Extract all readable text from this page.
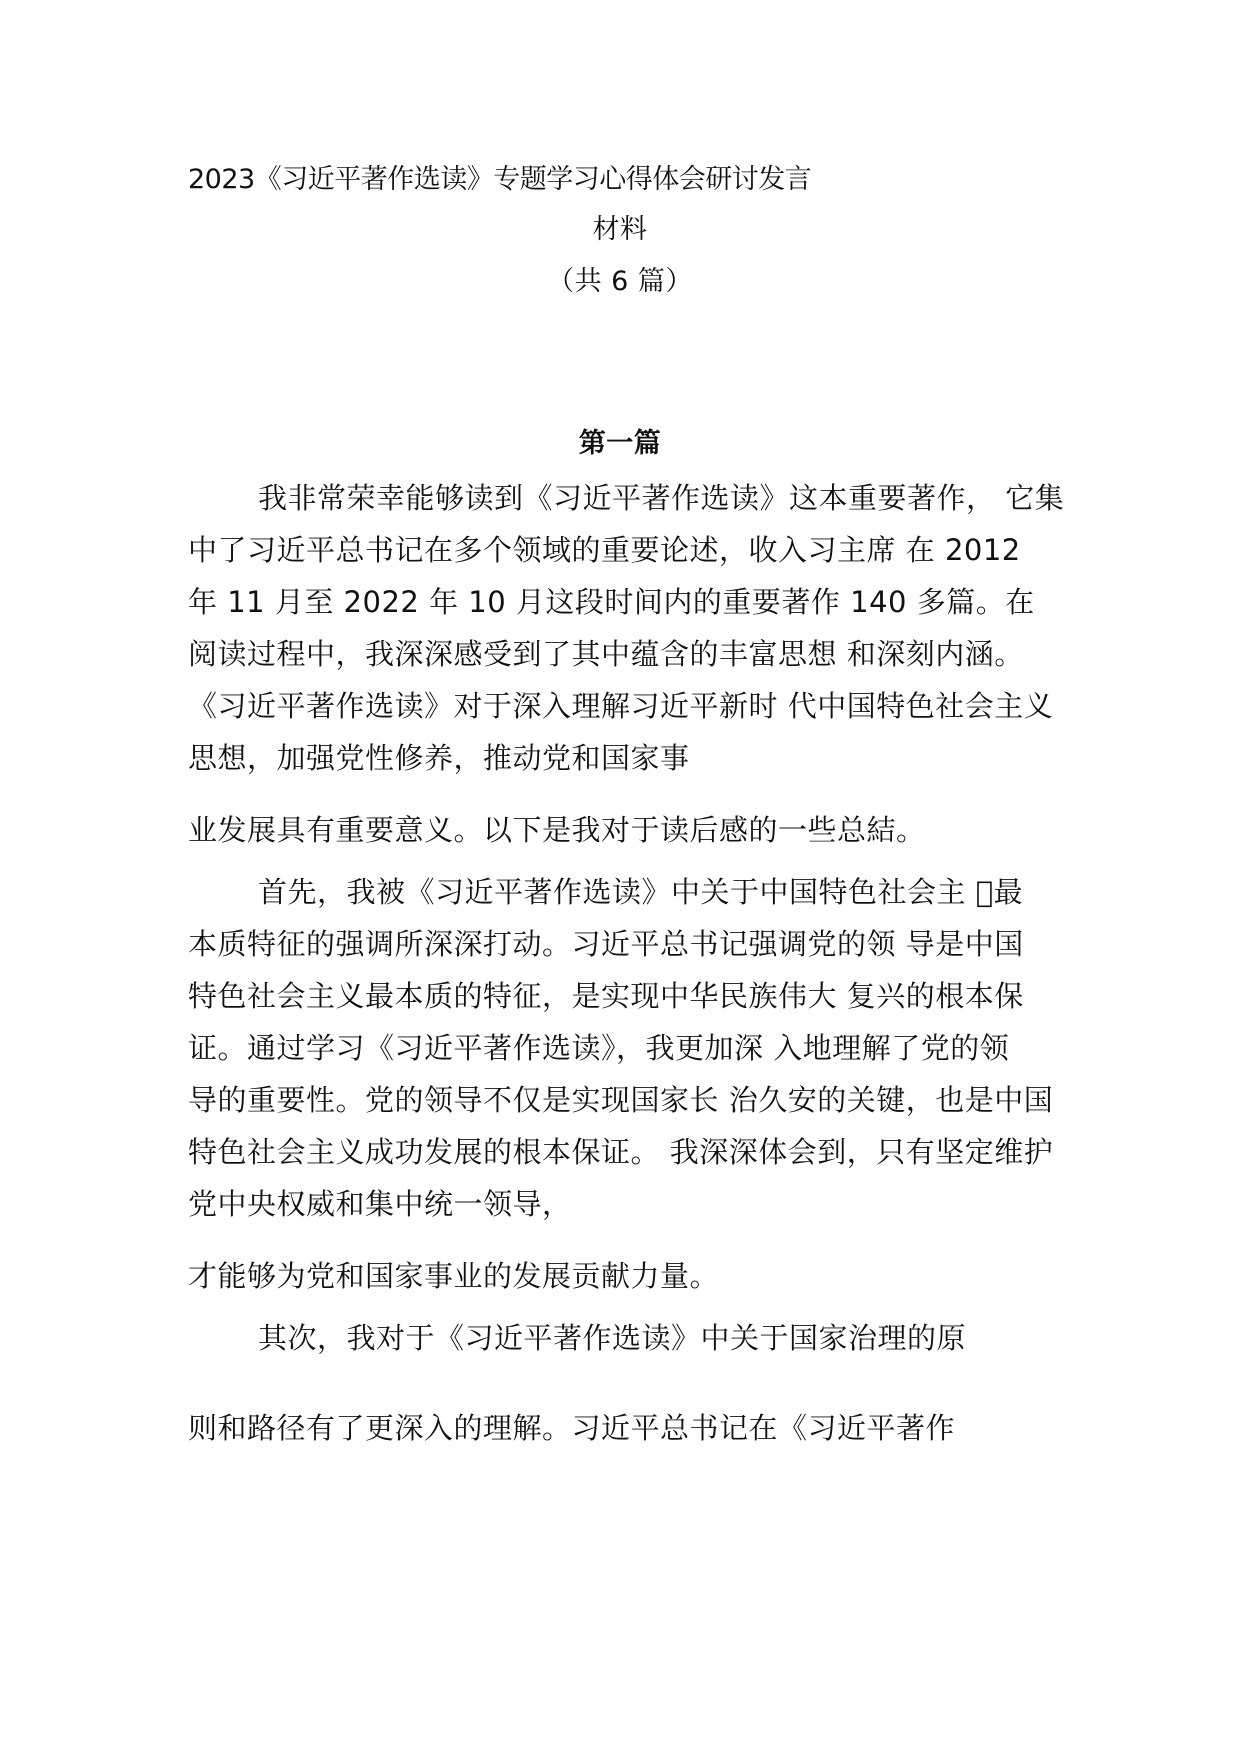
2023《习近平著作选读》专题学习心得体会研讨发言
材料
（共 6 篇）
第一篇
我非常荣幸能够读到《习近平著作选读》这本重要著作， 它集
中了习近平总书记在多个领域的重要论述，收入习主席 在 2012
年 11 月至 2022 年 10 月这段时间内的重要著作 140 多篇。在
阅读过程中，我深深感受到了其中蕴含的丰富思想 和深刻内涵。
《习近平著作选读》对于深入理解习近平新时 代中国特色社会主义
思想，加强党性修养，推动党和国家事
业发展具有重要意义。以下是我对于读后感的一些总結。
首先，我被《习近平著作选读》中关于中国特色社会主 􀀀最
本质特征的强调所深深打动。习近平总书记强调党的领 导是中国
特色社会主义最本质的特征，是实现中华民族伟大 复兴的根本保
证。通过学习《习近平著作选读》，我更加深 入地理解了党的领
导的重要性。党的领导不仅是实现国家长 治久安的关键，也是中国
特色社会主义成功发展的根本保证。 我深深体会到，只有坚定维护
党中央权威和集中统一领导，
才能够为党和国家事业的发展贡献力量。
其次，我对于《习近平著作选读》中关于国家治理的原
则和路径有了更深入的理解。习近平总书记在《习近平著作
